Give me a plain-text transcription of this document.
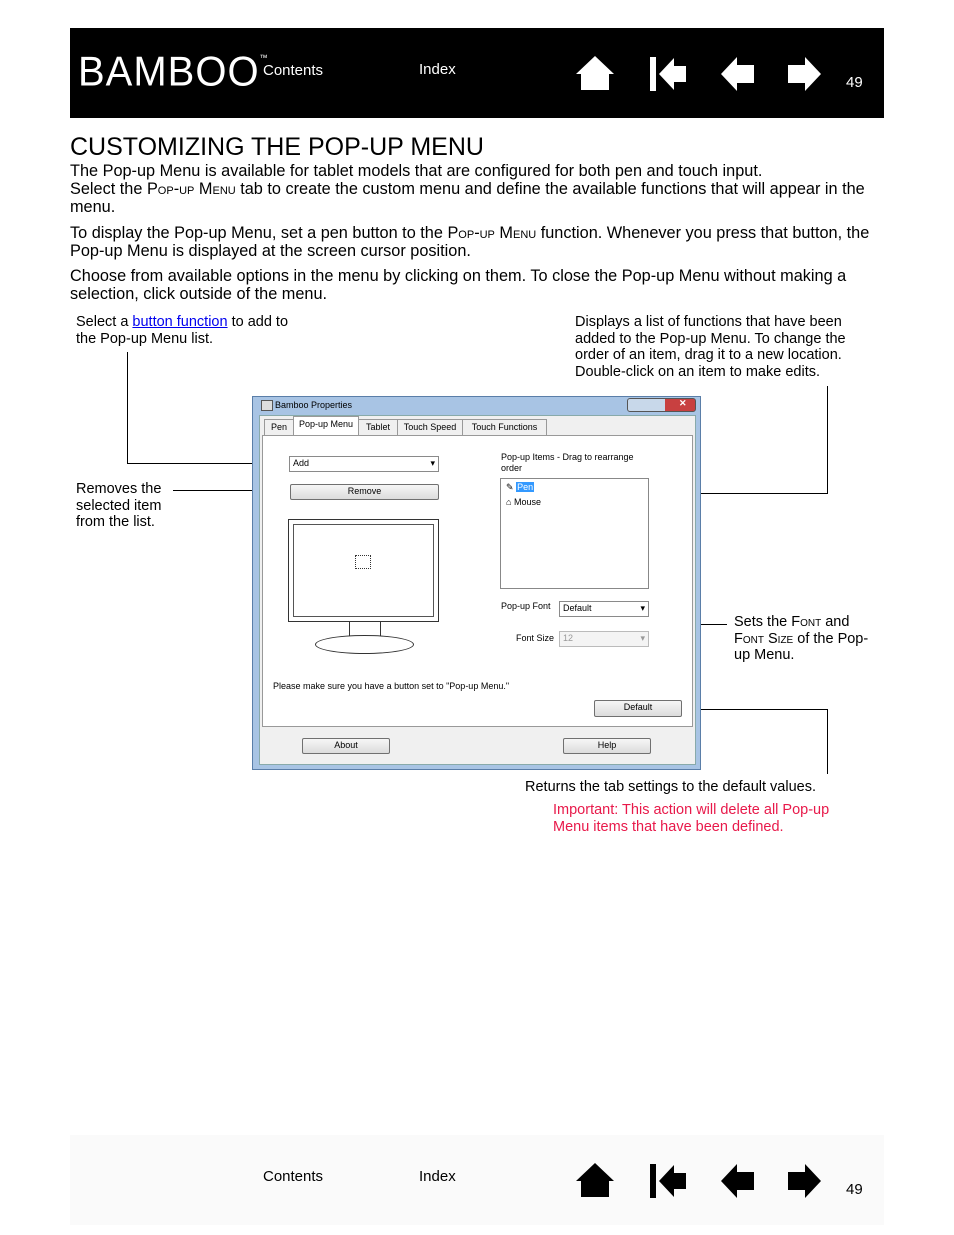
BAMBOO™
Contents	Index
49
CUSTOMIZING THE POP-UP MENU
The Pop-up Menu is available for tablet models that are configured for both pen and touch input.
Select the Pop-up Menu tab to create the custom menu and define the available functions that will appear in the menu.
To display the Pop-up Menu, set a pen button to the Pop-up Menu function. Whenever you press that button, the Pop-up Menu is displayed at the screen cursor position.
Choose from available options in the menu by clicking on them. To close the Pop-up Menu without making a selection, click outside of the menu.
Select a button function to add to the Pop-up Menu list.
Displays a list of functions that have been added to the Pop-up Menu. To change the order of an item, drag it to a new location. Double-click on an item to make edits.
Removes the selected item from the list.
Sets the Font and Font Size of the Pop-up Menu.
Returns the tab settings to the default values.
Important: This action will delete all Pop-up Menu items that have been defined.
Bamboo Properties	✕
Pen	Pop-up Menu	Tablet	Touch Speed	Touch Functions
Add	▾
Remove
Pop-up Items - Drag to rearrange order
✎ Pen
⌂ Mouse
Pop-up Font	Default	▾
Font Size 12	▾
Please make sure you have a button set to "Pop-up Menu."
Default
About	Help
Contents	Index
49
